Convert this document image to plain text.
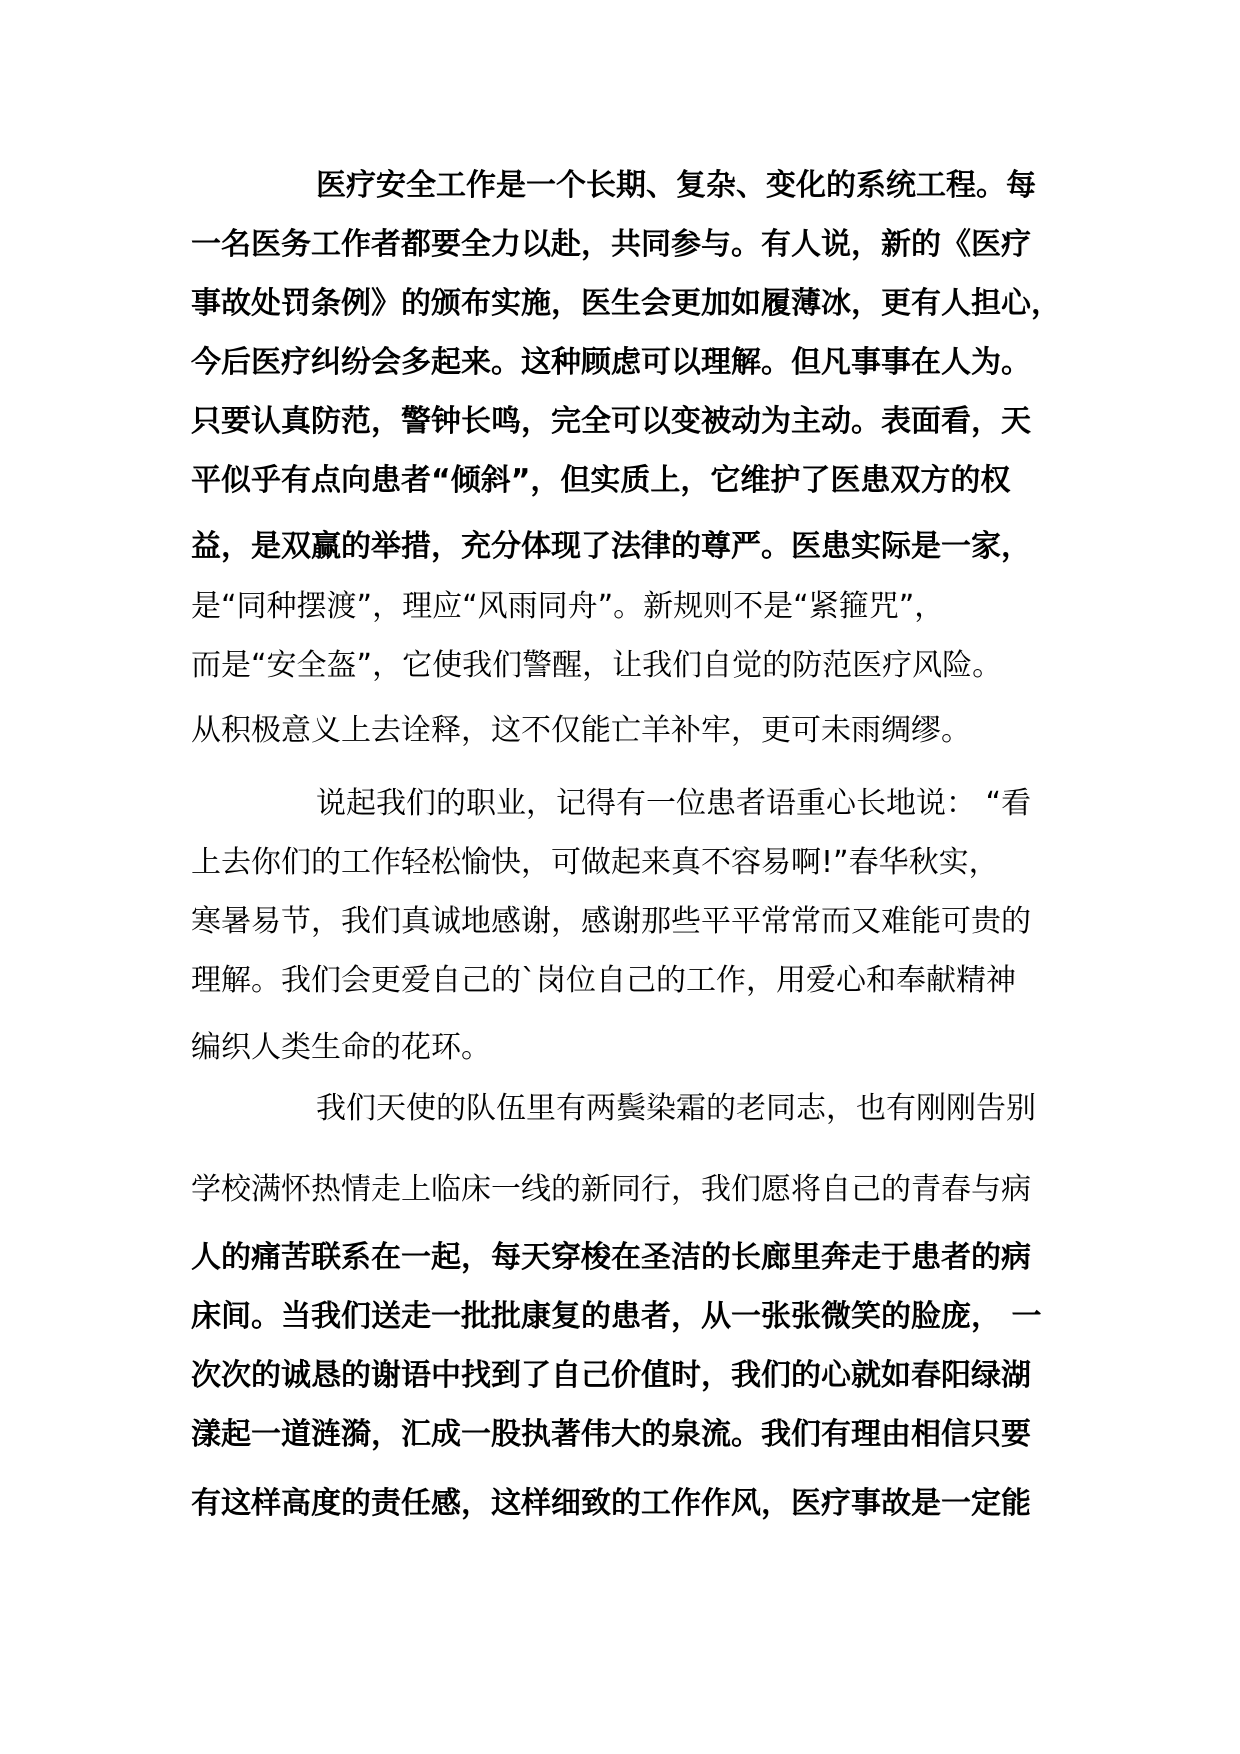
医疗安全工作是一个长期、复杂、变化的系统工程。每
一名医务工作者都要全力以赴，共同参与。有人说，新的《医疗
事故处罚条例》的颁布实施，医生会更加如履薄冰，更有人担心，
今后医疗纠纷会多起来。这种顾虑可以理解。但凡事事在人为。
只要认真防范，警钟长鸣，完全可以变被动为主动。表面看，天
平似乎有点向患者“倾斜”，但实质上，它维护了医患双方的权
益，是双赢的举措，充分体现了法律的尊严。医患实际是一家，
是“同种摆渡”，理应“风雨同舟”。新规则不是“紧箍咒”，
而是“安全盔”，它使我们警醒，让我们自觉的防范医疗风险。
从积极意义上去诠释，这不仅能亡羊补牢，更可未雨绸缪。
说起我们的职业，记得有一位患者语重心长地说： “看
上去你们的工作轻松愉快，可做起来真不容易啊!”春华秋实，
寒暑易节，我们真诚地感谢，感谢那些平平常常而又难能可贵的
理解。我们会更爱自己的`岗位自己的工作，用爱心和奉献精神
编织人类生命的花环。
我们天使的队伍里有两鬓染霜的老同志，也有刚刚告别
学校满怀热情走上临床一线的新同行，我们愿将自己的青春与病
人的痛苦联系在一起，每天穿梭在圣洁的长廊里奔走于患者的病
床间。当我们送走一批批康复的患者，从一张张微笑的脸庞， 一
次次的诚恳的谢语中找到了自己价值时，我们的心就如春阳绿湖
漾起一道涟漪，汇成一股执著伟大的泉流。我们有理由相信只要
有这样高度的责任感，这样细致的工作作风，医疗事故是一定能
